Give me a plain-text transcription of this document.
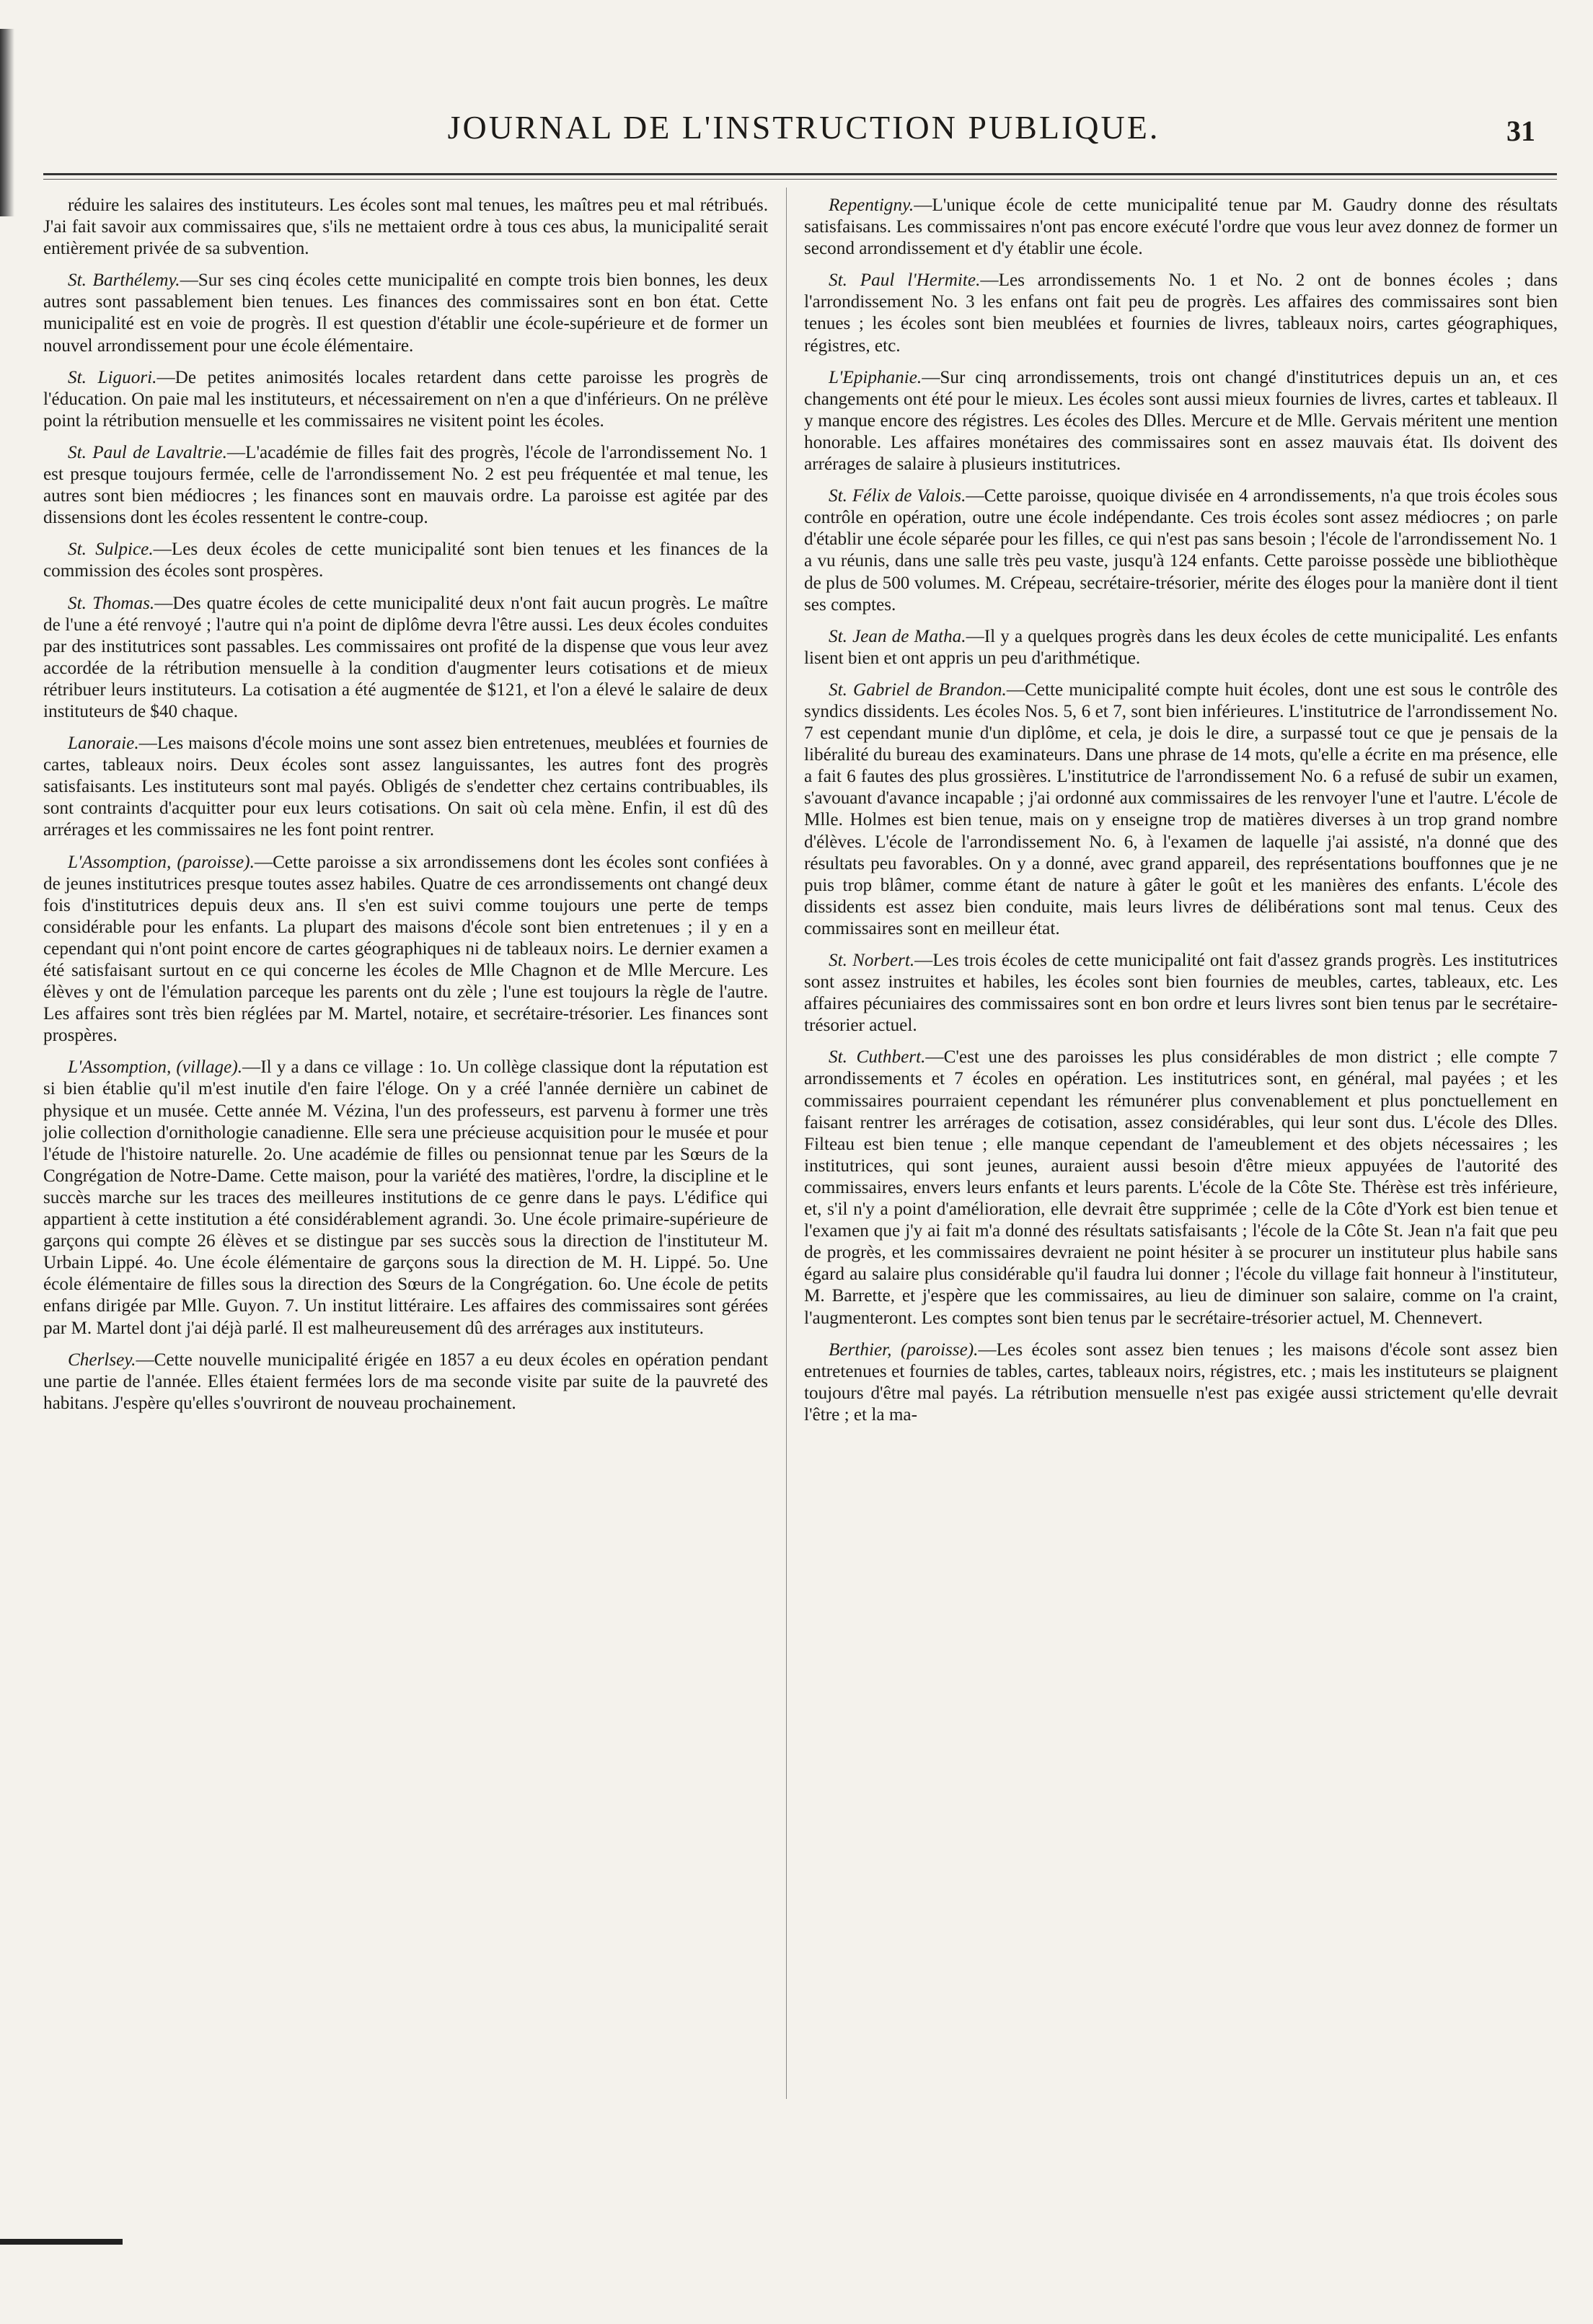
JOURNAL DE L'INSTRUCTION PUBLIQUE.	31

réduire les salaires des instituteurs. Les écoles sont mal tenues, les maîtres peu et mal rétribués. J'ai fait savoir aux commissaires que, s'ils ne mettaient ordre à tous ces abus, la municipalité serait entièrement privée de sa subvention.

St. Barthélemy.—Sur ses cinq écoles cette municipalité en compte trois bien bonnes, les deux autres sont passablement bien tenues. Les finances des commissaires sont en bon état. Cette municipalité est en voie de progrès. Il est question d'établir une école-supérieure et de former un nouvel arrondissement pour une école élémentaire.

St. Liguori.—De petites animosités locales retardent dans cette paroisse les progrès de l'éducation. On paie mal les instituteurs, et nécessairement on n'en a que d'inférieurs. On ne prélève point la rétribution mensuelle et les commissaires ne visitent point les écoles.

St. Paul de Lavaltrie.—L'académie de filles fait des progrès, l'école de l'arrondissement No. 1 est presque toujours fermée, celle de l'arrondissement No. 2 est peu fréquentée et mal tenue, les autres sont bien médiocres ; les finances sont en mauvais ordre. La paroisse est agitée par des dissensions dont les écoles ressentent le contre-coup.

St. Sulpice.—Les deux écoles de cette municipalité sont bien tenues et les finances de la commission des écoles sont prospères.

St. Thomas.—Des quatre écoles de cette municipalité deux n'ont fait aucun progrès. Le maître de l'une a été renvoyé ; l'autre qui n'a point de diplôme devra l'être aussi. Les deux écoles conduites par des institutrices sont passables. Les commissaires ont profité de la dispense que vous leur avez accordée de la rétribution mensuelle à la condition d'augmenter leurs cotisations et de mieux rétribuer leurs instituteurs. La cotisation a été augmentée de $121, et l'on a élevé le salaire de deux instituteurs de $40 chaque.

Lanoraie.—Les maisons d'école moins une sont assez bien entretenues, meublées et fournies de cartes, tableaux noirs. Deux écoles sont assez languissantes, les autres font des progrès satisfaisants. Les instituteurs sont mal payés. Obligés de s'endetter chez certains contribuables, ils sont contraints d'acquitter pour eux leurs cotisations. On sait où cela mène. Enfin, il est dû des arrérages et les commissaires ne les font point rentrer.

L'Assomption, (paroisse).—Cette paroisse a six arrondissemens dont les écoles sont confiées à de jeunes institutrices presque toutes assez habiles. Quatre de ces arrondissements ont changé deux fois d'institutrices depuis deux ans. Il s'en est suivi comme toujours une perte de temps considérable pour les enfants. La plupart des maisons d'école sont bien entretenues ; il y en a cependant qui n'ont point encore de cartes géographiques ni de tableaux noirs. Le dernier examen a été satisfaisant surtout en ce qui concerne les écoles de Mlle Chagnon et de Mlle Mercure. Les élèves y ont de l'émulation parceque les parents ont du zèle ; l'une est toujours la règle de l'autre. Les affaires sont très bien réglées par M. Martel, notaire, et secrétaire-trésorier. Les finances sont prospères.

L'Assomption, (village).—Il y a dans ce village : 1o. Un collège classique dont la réputation est si bien établie qu'il m'est inutile d'en faire l'éloge. On y a créé l'année dernière un cabinet de physique et un musée. Cette année M. Vézina, l'un des professeurs, est parvenu à former une très jolie collection d'ornithologie canadienne. Elle sera une précieuse acquisition pour le musée et pour l'étude de l'histoire naturelle. 2o. Une académie de filles ou pensionnat tenue par les Sœurs de la Congrégation de Notre-Dame. Cette maison, pour la variété des matières, l'ordre, la discipline et le succès marche sur les traces des meilleures institutions de ce genre dans le pays. L'édifice qui appartient à cette institution a été considérablement agrandi. 3o. Une école primaire-supérieure de garçons qui compte 26 élèves et se distingue par ses succès sous la direction de l'instituteur M. Urbain Lippé. 4o. Une école élémentaire de garçons sous la direction de M. H. Lippé. 5o. Une école élémentaire de filles sous la direction des Sœurs de la Congrégation. 6o. Une école de petits enfans dirigée par Mlle. Guyon. 7. Un institut littéraire. Les affaires des commissaires sont gérées par M. Martel dont j'ai déjà parlé. Il est malheureusement dû des arrérages aux instituteurs.

Cherlsey.—Cette nouvelle municipalité érigée en 1857 a eu deux écoles en opération pendant une partie de l'année. Elles étaient fermées lors de ma seconde visite par suite de la pauvreté des habitans. J'espère qu'elles s'ouvriront de nouveau prochainement.

Repentigny.—L'unique école de cette municipalité tenue par M. Gaudry donne des résultats satisfaisans. Les commissaires n'ont pas encore exécuté l'ordre que vous leur avez donnez de former un second arrondissement et d'y établir une école.

St. Paul l'Hermite.—Les arrondissements No. 1 et No. 2 ont de bonnes écoles ; dans l'arrondissement No. 3 les enfans ont fait peu de progrès. Les affaires des commissaires sont bien tenues ; les écoles sont bien meublées et fournies de livres, tableaux noirs, cartes géographiques, régistres, etc.

L'Epiphanie.—Sur cinq arrondissements, trois ont changé d'institutrices depuis un an, et ces changements ont été pour le mieux. Les écoles sont aussi mieux fournies de livres, cartes et tableaux. Il y manque encore des régistres. Les écoles des Dlles. Mercure et de Mlle. Gervais méritent une mention honorable. Les affaires monétaires des commissaires sont en assez mauvais état. Ils doivent des arrérages de salaire à plusieurs institutrices.

St. Félix de Valois.—Cette paroisse, quoique divisée en 4 arrondissements, n'a que trois écoles sous contrôle en opération, outre une école indépendante. Ces trois écoles sont assez médiocres ; on parle d'établir une école séparée pour les filles, ce qui n'est pas sans besoin ; l'école de l'arrondissement No. 1 a vu réunis, dans une salle très peu vaste, jusqu'à 124 enfants. Cette paroisse possède une bibliothèque de plus de 500 volumes. M. Crépeau, secrétaire-trésorier, mérite des éloges pour la manière dont il tient ses comptes.

St. Jean de Matha.—Il y a quelques progrès dans les deux écoles de cette municipalité. Les enfants lisent bien et ont appris un peu d'arithmétique.

St. Gabriel de Brandon.—Cette municipalité compte huit écoles, dont une est sous le contrôle des syndics dissidents. Les écoles Nos. 5, 6 et 7, sont bien inférieures. L'institutrice de l'arrondissement No. 7 est cependant munie d'un diplôme, et cela, je dois le dire, a surpassé tout ce que je pensais de la libéralité du bureau des examinateurs. Dans une phrase de 14 mots, qu'elle a écrite en ma présence, elle a fait 6 fautes des plus grossières. L'institutrice de l'arrondissement No. 6 a refusé de subir un examen, s'avouant d'avance incapable ; j'ai ordonné aux commissaires de les renvoyer l'une et l'autre. L'école de Mlle. Holmes est bien tenue, mais on y enseigne trop de matières diverses à un trop grand nombre d'élèves. L'école de l'arrondissement No. 6, à l'examen de laquelle j'ai assisté, n'a donné que des résultats peu favorables. On y a donné, avec grand appareil, des représentations bouffonnes que je ne puis trop blâmer, comme étant de nature à gâter le goût et les manières des enfants. L'école des dissidents est assez bien conduite, mais leurs livres de délibérations sont mal tenus. Ceux des commissaires sont en meilleur état.

St. Norbert.—Les trois écoles de cette municipalité ont fait d'assez grands progrès. Les institutrices sont assez instruites et habiles, les écoles sont bien fournies de meubles, cartes, tableaux, etc. Les affaires pécuniaires des commissaires sont en bon ordre et leurs livres sont bien tenus par le secrétaire-trésorier actuel.

St. Cuthbert.—C'est une des paroisses les plus considérables de mon district ; elle compte 7 arrondissements et 7 écoles en opération. Les institutrices sont, en général, mal payées ; et les commissaires pourraient cependant les rémunérer plus convenablement et plus ponctuellement en faisant rentrer les arrérages de cotisation, assez considérables, qui leur sont dus. L'école des Dlles. Filteau est bien tenue ; elle manque cependant de l'ameublement et des objets nécessaires ; les institutrices, qui sont jeunes, auraient aussi besoin d'être mieux appuyées de l'autorité des commissaires, envers leurs enfants et leurs parents. L'école de la Côte Ste. Thérèse est très inférieure, et, s'il n'y a point d'amélioration, elle devrait être supprimée ; celle de la Côte d'York est bien tenue et l'examen que j'y ai fait m'a donné des résultats satisfaisants ; l'école de la Côte St. Jean n'a fait que peu de progrès, et les commissaires devraient ne point hésiter à se procurer un instituteur plus habile sans égard au salaire plus considérable qu'il faudra lui donner ; l'école du village fait honneur à l'instituteur, M. Barrette, et j'espère que les commissaires, au lieu de diminuer son salaire, comme on l'a craint, l'augmenteront. Les comptes sont bien tenus par le secrétaire-trésorier actuel, M. Chennevert.

Berthier, (paroisse).—Les écoles sont assez bien tenues ; les maisons d'école sont assez bien entretenues et fournies de tables, cartes, tableaux noirs, régistres, etc. ; mais les instituteurs se plaignent toujours d'être mal payés. La rétribution mensuelle n'est pas exigée aussi strictement qu'elle devrait l'être ; et la ma-
